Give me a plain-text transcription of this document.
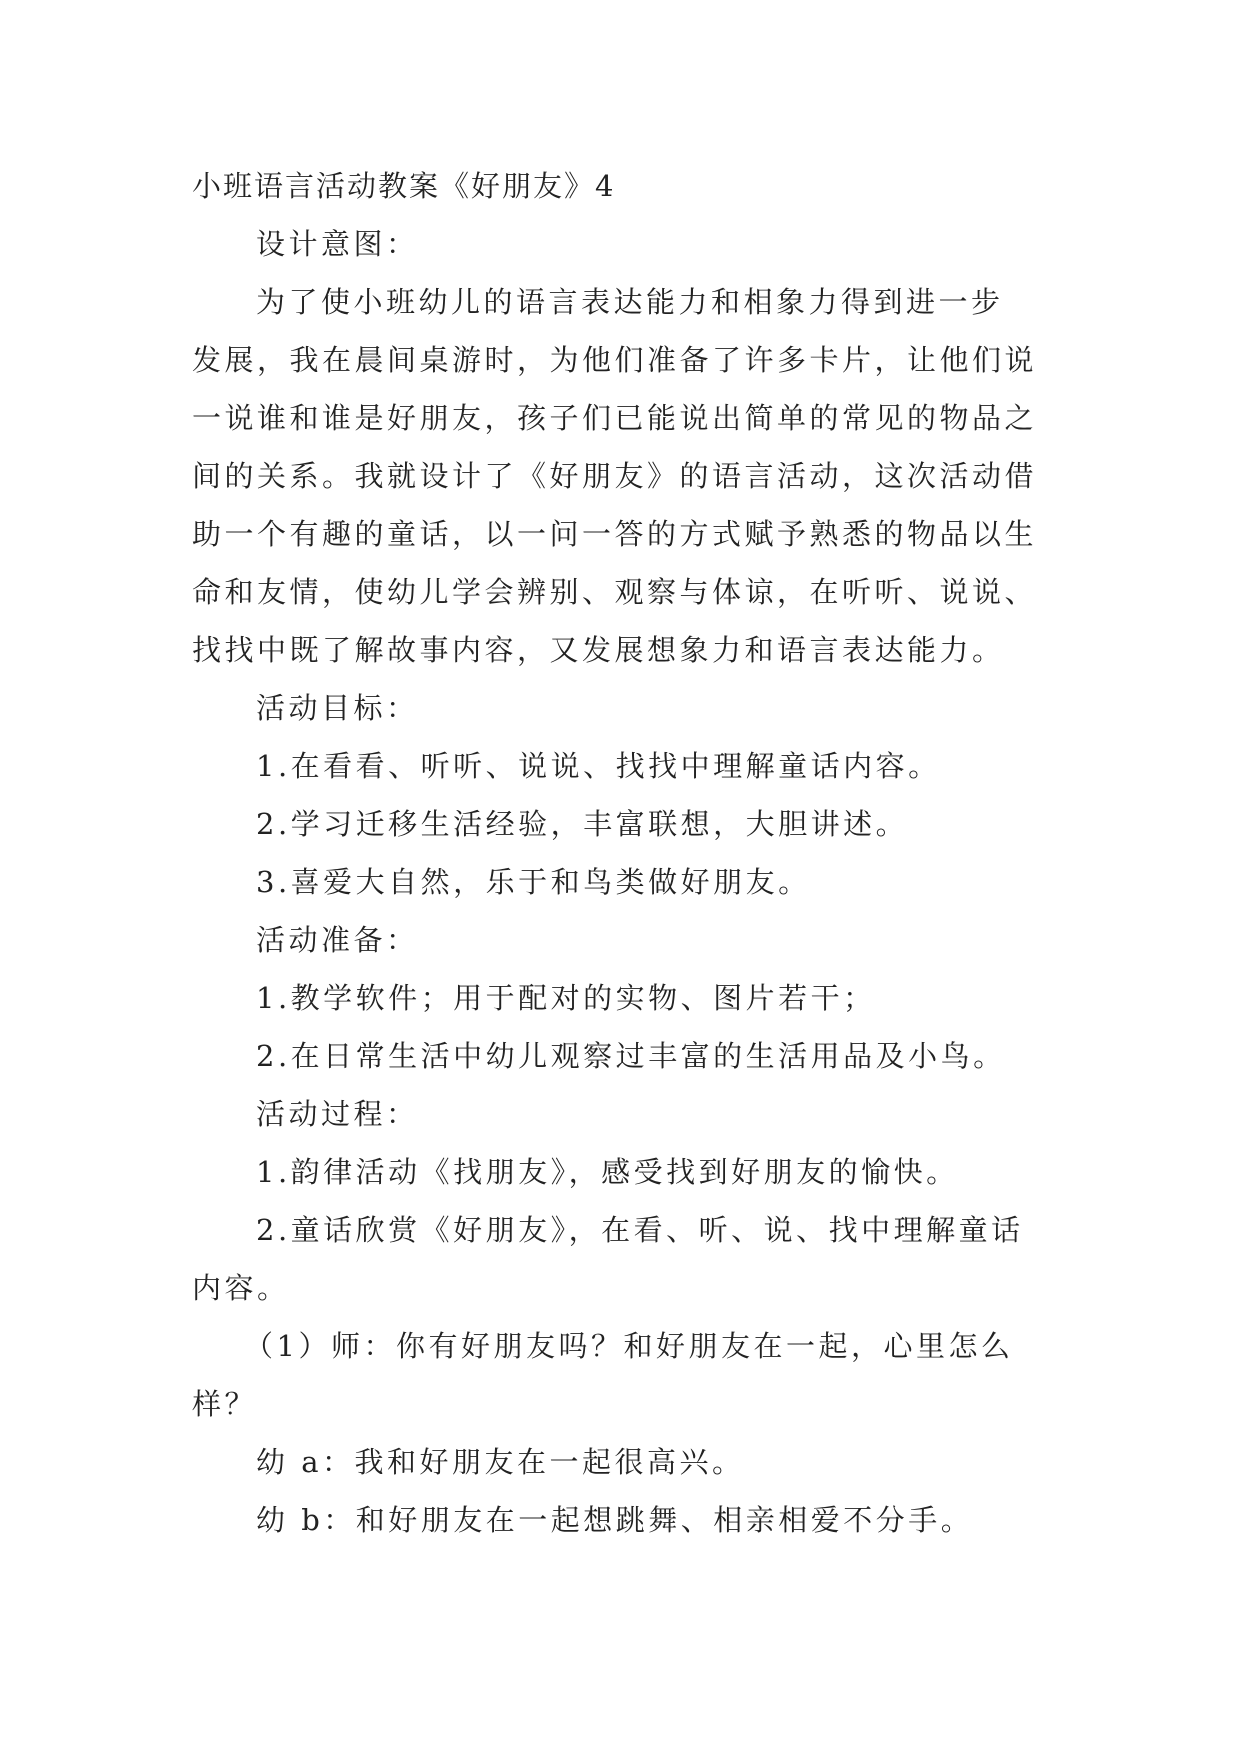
小班语言活动教案《好朋友》4
设计意图：
为了使小班幼儿的语言表达能力和相象力得到进一步
发展，我在晨间桌游时，为他们准备了许多卡片，让他们说
一说谁和谁是好朋友，孩子们已能说出简单的常见的物品之
间的关系。我就设计了《好朋友》的语言活动，这次活动借
助一个有趣的童话，以一问一答的方式赋予熟悉的物品以生
命和友情，使幼儿学会辨别、观察与体谅，在听听、说说、
找找中既了解故事内容，又发展想象力和语言表达能力。
活动目标：
1.在看看、听听、说说、找找中理解童话内容。
2.学习迁移生活经验，丰富联想，大胆讲述。
3.喜爱大自然，乐于和鸟类做好朋友。
活动准备：
1.教学软件；用于配对的实物、图片若干；
2.在日常生活中幼儿观察过丰富的生活用品及小鸟。
活动过程：
1.韵律活动《找朋友》，感受找到好朋友的愉快。
2.童话欣赏《好朋友》，在看、听、说、找中理解童话
内容。
（1）师：你有好朋友吗？和好朋友在一起，心里怎么
样？
幼 a：我和好朋友在一起很高兴。
幼 b：和好朋友在一起想跳舞、相亲相爱不分手。
